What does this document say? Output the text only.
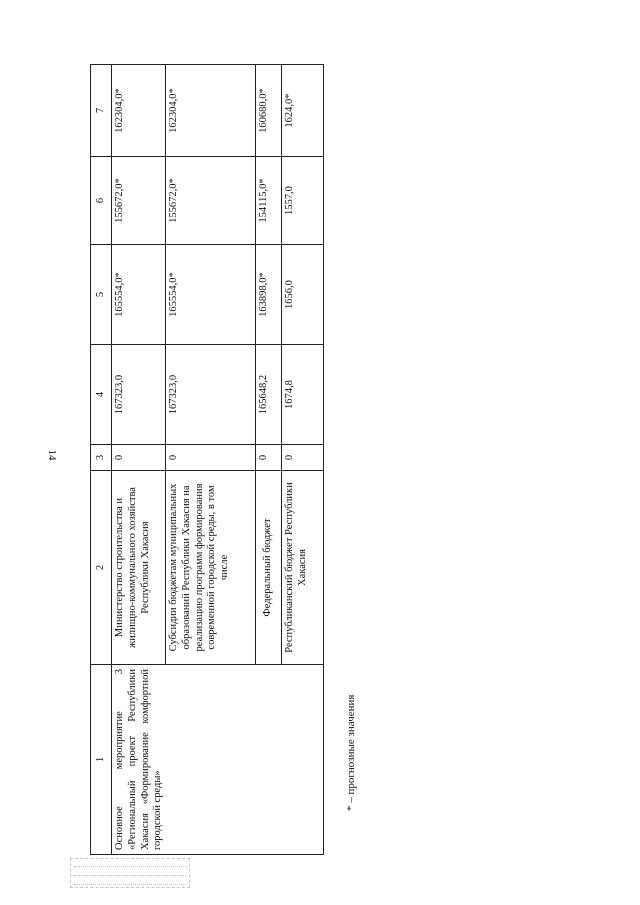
14
1	2	3	4	5	6	7
Основное мероприятие 3 «Региональный проект Республики Хакасия «Формирование комфортной городской среды»	Министерство строительства и жилищно-коммунального хозяйства Республики Хакасия	0	167323,0	165554,0*	155672,0*	162304,0*
	Субсидии бюджетам муниципальных образований Республики Хакасия на реализацию программ формирования современной городской среды, в том числе	0	167323,0	165554,0*	155672,0*	162304,0*
	Федеральный бюджет	0	165648,2	163898,0*	154115,0*	160680,0*
	Республиканский бюджет Республики Хакасия	0	1674,8	1656,0	1557,0	1624,0*
* – прогнозные значения
